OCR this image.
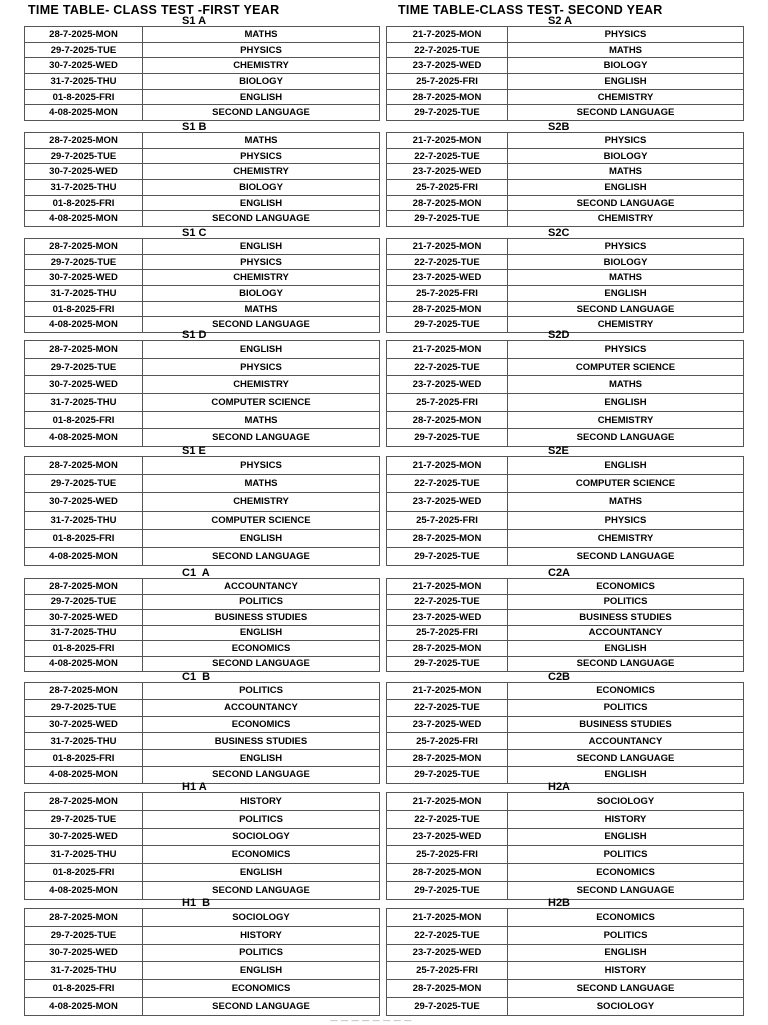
TIME TABLE- CLASS TEST -FIRST YEAR
S1 A
28-7-2025-MON	MATHS
29-7-2025-TUE	PHYSICS
30-7-2025-WED	CHEMISTRY
31-7-2025-THU	BIOLOGY
01-8-2025-FRI	ENGLISH
4-08-2025-MON	SECOND LANGUAGE
S1 B
28-7-2025-MON	MATHS
29-7-2025-TUE	PHYSICS
30-7-2025-WED	CHEMISTRY
31-7-2025-THU	BIOLOGY
01-8-2025-FRI	ENGLISH
4-08-2025-MON	SECOND LANGUAGE
S1 C
28-7-2025-MON	ENGLISH
29-7-2025-TUE	PHYSICS
30-7-2025-WED	CHEMISTRY
31-7-2025-THU	BIOLOGY
01-8-2025-FRI	MATHS
4-08-2025-MON	SECOND LANGUAGE
S1 D
28-7-2025-MON	ENGLISH
29-7-2025-TUE	PHYSICS
30-7-2025-WED	CHEMISTRY
31-7-2025-THU	COMPUTER SCIENCE
01-8-2025-FRI	MATHS
4-08-2025-MON	SECOND LANGUAGE
S1 E
28-7-2025-MON	PHYSICS
29-7-2025-TUE	MATHS
30-7-2025-WED	CHEMISTRY
31-7-2025-THU	COMPUTER SCIENCE
01-8-2025-FRI	ENGLISH
4-08-2025-MON	SECOND LANGUAGE
C1  A
28-7-2025-MON	ACCOUNTANCY
29-7-2025-TUE	POLITICS
30-7-2025-WED	BUSINESS STUDIES
31-7-2025-THU	ENGLISH
01-8-2025-FRI	ECONOMICS
4-08-2025-MON	SECOND LANGUAGE
C1  B
28-7-2025-MON	POLITICS
29-7-2025-TUE	ACCOUNTANCY
30-7-2025-WED	ECONOMICS
31-7-2025-THU	BUSINESS STUDIES
01-8-2025-FRI	ENGLISH
4-08-2025-MON	SECOND LANGUAGE
H1 A
28-7-2025-MON	HISTORY
29-7-2025-TUE	POLITICS
30-7-2025-WED	SOCIOLOGY
31-7-2025-THU	ECONOMICS
01-8-2025-FRI	ENGLISH
4-08-2025-MON	SECOND LANGUAGE
H1  B
28-7-2025-MON	SOCIOLOGY
29-7-2025-TUE	HISTORY
30-7-2025-WED	POLITICS
31-7-2025-THU	ENGLISH
01-8-2025-FRI	ECONOMICS
4-08-2025-MON	SECOND LANGUAGE
TIME TABLE-CLASS TEST- SECOND YEAR
S2 A
21-7-2025-MON	PHYSICS
22-7-2025-TUE	MATHS
23-7-2025-WED	BIOLOGY
25-7-2025-FRI	ENGLISH
28-7-2025-MON	CHEMISTRY
29-7-2025-TUE	SECOND LANGUAGE
S2B
21-7-2025-MON	PHYSICS
22-7-2025-TUE	BIOLOGY
23-7-2025-WED	MATHS
25-7-2025-FRI	ENGLISH
28-7-2025-MON	SECOND LANGUAGE
29-7-2025-TUE	CHEMISTRY
S2C
21-7-2025-MON	PHYSICS
22-7-2025-TUE	BIOLOGY
23-7-2025-WED	MATHS
25-7-2025-FRI	ENGLISH
28-7-2025-MON	SECOND LANGUAGE
29-7-2025-TUE	CHEMISTRY
S2D
21-7-2025-MON	PHYSICS
22-7-2025-TUE	COMPUTER SCIENCE
23-7-2025-WED	MATHS
25-7-2025-FRI	ENGLISH
28-7-2025-MON	CHEMISTRY
29-7-2025-TUE	SECOND LANGUAGE
S2E
21-7-2025-MON	ENGLISH
22-7-2025-TUE	COMPUTER SCIENCE
23-7-2025-WED	MATHS
25-7-2025-FRI	PHYSICS
28-7-2025-MON	CHEMISTRY
29-7-2025-TUE	SECOND LANGUAGE
C2A
21-7-2025-MON	ECONOMICS
22-7-2025-TUE	POLITICS
23-7-2025-WED	BUSINESS STUDIES
25-7-2025-FRI	ACCOUNTANCY
28-7-2025-MON	ENGLISH
29-7-2025-TUE	SECOND LANGUAGE
C2B
21-7-2025-MON	ECONOMICS
22-7-2025-TUE	POLITICS
23-7-2025-WED	BUSINESS STUDIES
25-7-2025-FRI	ACCOUNTANCY
28-7-2025-MON	SECOND LANGUAGE
29-7-2025-TUE	ENGLISH
H2A
21-7-2025-MON	SOCIOLOGY
22-7-2025-TUE	HISTORY
23-7-2025-WED	ENGLISH
25-7-2025-FRI	POLITICS
28-7-2025-MON	ECONOMICS
29-7-2025-TUE	SECOND LANGUAGE
H2B
21-7-2025-MON	ECONOMICS
22-7-2025-TUE	POLITICS
23-7-2025-WED	ENGLISH
25-7-2025-FRI	HISTORY
28-7-2025-MON	SECOND LANGUAGE
29-7-2025-TUE	SOCIOLOGY
— — — — — — — —
